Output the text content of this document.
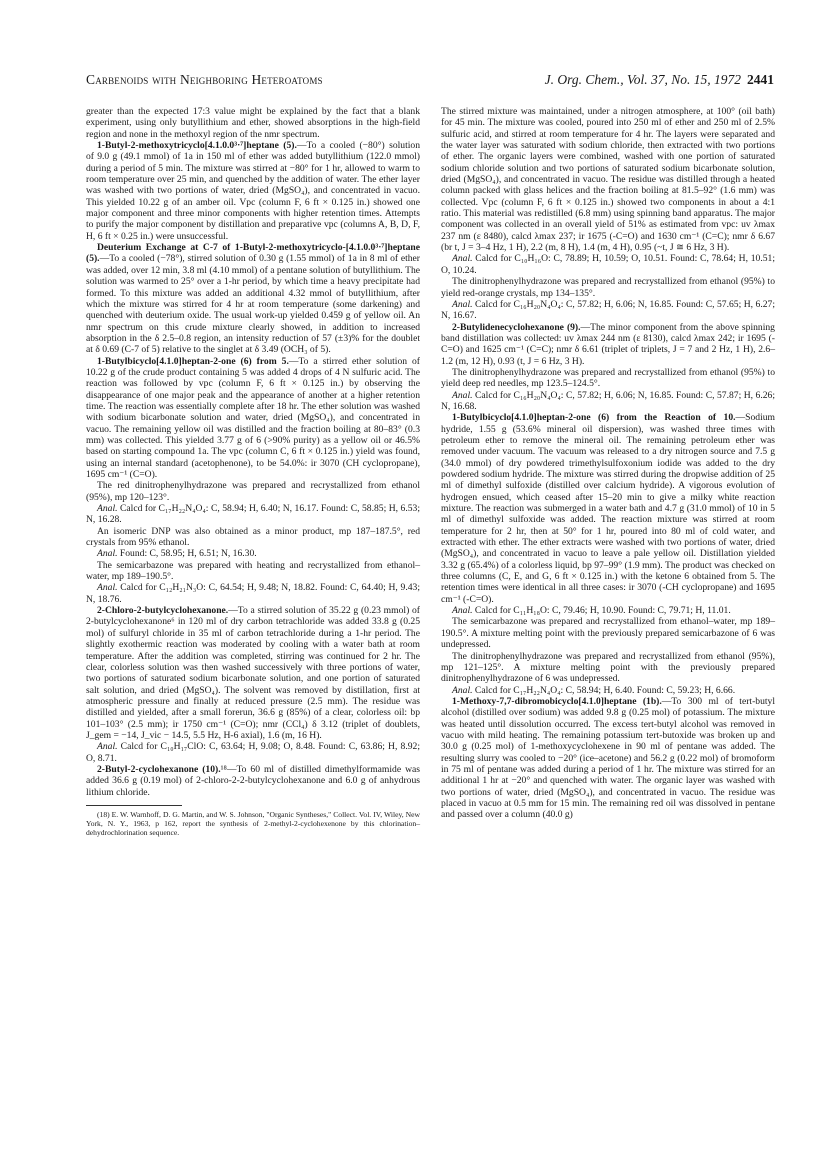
Carbenoids with Neighboring Heteroatoms	J. Org. Chem., Vol. 37, No. 15, 1972 2441

greater than the expected 17:3 value might be explained by the fact that a blank experiment, using only butyllithium and ether, showed absorptions in the high-field region and none in the methoxyl region of the nmr spectrum.

1-Butyl-2-methoxytricyclo[4.1.0.0³·⁷]heptane (5).—To a cooled (−80°) solution of 9.0 g (49.1 mmol) of 1a in 150 ml of ether was added butyllithium (122.0 mmol) during a period of 5 min. The mixture was stirred at −80° for 1 hr, allowed to warm to room temperature over 25 min, and quenched by the addition of water. The ether layer was washed with two portions of water, dried (MgSO₄), and concentrated in vacuo. This yielded 10.22 g of an amber oil. Vpc (column F, 6 ft × 0.125 in.) showed one major component and three minor components with higher retention times. Attempts to purify the major component by distillation and preparative vpc (columns A, B, D, F, H, 6 ft × 0.25 in.) were unsuccessful.

Deuterium Exchange at C-7 of 1-Butyl-2-methoxytricyclo-[4.1.0.0³·⁷]heptane (5).—To a cooled (−78°), stirred solution of 0.30 g (1.55 mmol) of 1a in 8 ml of ether was added, over 12 min, 3.8 ml (4.10 mmol) of a pentane solution of butyllithium. The solution was warmed to 25° over a 1-hr period, by which time a heavy precipitate had formed. To this mixture was added an additional 4.32 mmol of butyllithium, after which the mixture was stirred for 4 hr at room temperature (some darkening) and quenched with deuterium oxide. The usual work-up yielded 0.459 g of yellow oil. An nmr spectrum on this crude mixture clearly showed, in addition to increased absorption in the δ 2.5–0.8 region, an intensity reduction of 57 (±3)% for the doublet at δ 0.69 (C-7 of 5) relative to the singlet at δ 3.49 (OCH₃ of 5).

1-Butylbicyclo[4.1.0]heptan-2-one (6) from 5.—To a stirred ether solution of 10.22 g of the crude product containing 5 was added 4 drops of 4 N sulfuric acid. The reaction was followed by vpc (column F, 6 ft × 0.125 in.) by observing the disappearance of one major peak and the appearance of another at a higher retention time. The reaction was essentially complete after 18 hr. The ether solution was washed with sodium bicarbonate solution and water, dried (MgSO₄), and concentrated in vacuo. The remaining yellow oil was distilled and the fraction boiling at 80–83° (0.3 mm) was collected. This yielded 3.77 g of 6 (>90% purity) as a yellow oil or 46.5% based on starting compound 1a. The vpc (column C, 6 ft × 0.125 in.) yield was found, using an internal standard (acetophenone), to be 54.0%: ir 3070 (CH cyclopropane), 1695 cm⁻¹ (C=O).

The red dinitrophenylhydrazone was prepared and recrystallized from ethanol (95%), mp 120–123°.

Anal. Calcd for C₁₇H₂₂N₄O₄: C, 58.94; H, 6.40; N, 16.17. Found: C, 58.85; H, 6.53; N, 16.28.

An isomeric DNP was also obtained as a minor product, mp 187–187.5°, red crystals from 95% ethanol.

Anal. Found: C, 58.95; H, 6.51; N, 16.30.

The semicarbazone was prepared with heating and recrystallized from ethanol–water, mp 189–190.5°.

Anal. Calcd for C₁₂H₂₁N₃O: C, 64.54; H, 9.48; N, 18.82. Found: C, 64.40; H, 9.43; N, 18.76.

2-Chloro-2-butylcyclohexanone.—To a stirred solution of 35.22 g (0.23 mmol) of 2-butylcyclohexanone⁶ in 120 ml of dry carbon tetrachloride was added 33.8 g (0.25 mol) of sulfuryl chloride in 35 ml of carbon tetrachloride during a 1-hr period. The slightly exothermic reaction was moderated by cooling with a water bath at room temperature. After the addition was completed, stirring was continued for 2 hr. The clear, colorless solution was then washed successively with three portions of water, two portions of saturated sodium bicarbonate solution, and one portion of saturated salt solution, and dried (MgSO₄). The solvent was removed by distillation, first at atmospheric pressure and finally at reduced pressure (2.5 mm). The residue was distilled and yielded, after a small forerun, 36.6 g (85%) of a clear, colorless oil: bp 101–103° (2.5 mm); ir 1750 cm⁻¹ (C=O); nmr (CCl₄) δ 3.12 (triplet of doublets, J_gem = −14, J_vic − 14.5, 5.5 Hz, H-6 axial), 1.6 (m, 16 H).

Anal. Calcd for C₁₀H₁₇ClO: C, 63.64; H, 9.08; O, 8.48. Found: C, 63.86; H, 8.92; O, 8.71.

2-Butyl-2-cyclohexanone (10).¹⁸—To 60 ml of distilled dimethylformamide was added 36.6 g (0.19 mol) of 2-chloro-2-2-butylcyclohexanone and 6.0 g of anhydrous lithium chloride.

(18) E. W. Warnhoff, D. G. Martin, and W. S. Johnson, "Organic Syntheses," Collect. Vol. IV, Wiley, New York, N. Y., 1963, p 162, report the synthesis of 2-methyl-2-cyclohexenone by this chlorination–dehydrochlorination sequence.

The stirred mixture was maintained, under a nitrogen atmosphere, at 100° (oil bath) for 45 min. The mixture was cooled, poured into 250 ml of ether and 250 ml of 2.5% sulfuric acid, and stirred at room temperature for 4 hr. The layers were separated and the water layer was saturated with sodium chloride, then extracted with two portions of ether. The organic layers were combined, washed with one portion of saturated sodium chloride solution and two portions of saturated sodium bicarbonate solution, dried (MgSO₄), and concentrated in vacuo. The residue was distilled through a heated column packed with glass helices and the fraction boiling at 81.5–92° (1.6 mm) was collected. Vpc (column F, 6 ft × 0.125 in.) showed two components in about a 4:1 ratio. This material was redistilled (6.8 mm) using spinning band apparatus. The major component was collected in an overall yield of 51% as estimated from vpc: uv λmax 237 nm (ε 8480), calcd λmax 237; ir 1675 (-C=O) and 1630 cm⁻¹ (C=C); nmr δ 6.67 (br t, J = 3–4 Hz, 1 H), 2.2 (m, 8 H), 1.4 (m, 4 H), 0.95 (~t, J ≅ 6 Hz, 3 H).

Anal. Calcd for C₁₀H₁₆O: C, 78.89; H, 10.59; O, 10.51. Found: C, 78.64; H, 10.51; O, 10.24.

The dinitrophenylhydrazone was prepared and recrystallized from ethanol (95%) to yield red-orange crystals, mp 134–135°.

Anal. Calcd for C₁₆H₂₀N₄O₄: C, 57.82; H, 6.06; N, 16.85. Found: C, 57.65; H, 6.27; N, 16.67.

2-Butylidenecyclohexanone (9).—The minor component from the above spinning band distillation was collected: uv λmax 244 nm (ε 8130), calcd λmax 242; ir 1695 (-C=O) and 1625 cm⁻¹ (C=C); nmr δ 6.61 (triplet of triplets, J = 7 and 2 Hz, 1 H), 2.6–1.2 (m, 12 H), 0.93 (t, J = 6 Hz, 3 H).

The dinitrophenylhydrazone was prepared and recrystallized from ethanol (95%) to yield deep red needles, mp 123.5–124.5°.

Anal. Calcd for C₁₆H₂₀N₄O₄: C, 57.82; H, 6.06; N, 16.85. Found: C, 57.87; H, 6.26; N, 16.68.

1-Butylbicyclo[4.1.0]heptan-2-one (6) from the Reaction of 10.—Sodium hydride, 1.55 g (53.6% mineral oil dispersion), was washed three times with petroleum ether to remove the mineral oil. The remaining petroleum ether was removed under vacuum. The vacuum was released to a dry nitrogen source and 7.5 g (34.0 mmol) of dry powdered trimethylsulfoxonium iodide was added to the dry powdered sodium hydride. The mixture was stirred during the dropwise addition of 25 ml of dimethyl sulfoxide (distilled over calcium hydride). A vigorous evolution of hydrogen ensued, which ceased after 15–20 min to give a milky white reaction mixture. The reaction was submerged in a water bath and 4.7 g (31.0 mmol) of 10 in 5 ml of dimethyl sulfoxide was added. The reaction mixture was stirred at room temperature for 2 hr, then at 50° for 1 hr, poured into 80 ml of cold water, and extracted with ether. The ether extracts were washed with two portions of water, dried (MgSO₄), and concentrated in vacuo to leave a pale yellow oil. Distillation yielded 3.32 g (65.4%) of a colorless liquid, bp 97–99° (1.9 mm). The product was checked on three columns (C, E, and G, 6 ft × 0.125 in.) with the ketone 6 obtained from 5. The retention times were identical in all three cases: ir 3070 (-CH cyclopropane) and 1695 cm⁻¹ (-C=O).

Anal. Calcd for C₁₁H₁₈O: C, 79.46; H, 10.90. Found: C, 79.71; H, 11.01.

The semicarbazone was prepared and recrystallized from ethanol–water, mp 189–190.5°. A mixture melting point with the previously prepared semicarbazone of 6 was undepressed.

The dinitrophenylhydrazone was prepared and recrystallized from ethanol (95%), mp 121–125°. A mixture melting point with the previously prepared dinitrophenylhydrazone of 6 was undepressed.

Anal. Calcd for C₁₇H₂₂N₄O₄: C, 58.94; H, 6.40. Found: C, 59.23; H, 6.66.

1-Methoxy-7,7-dibromobicyclo[4.1.0]heptane (1b).—To 300 ml of tert-butyl alcohol (distilled over sodium) was added 9.8 g (0.25 mol) of potassium. The mixture was heated until dissolution occurred. The excess tert-butyl alcohol was removed in vacuo with mild heating. The remaining potassium tert-butoxide was broken up and 30.0 g (0.25 mol) of 1-methoxycyclohexene in 90 ml of pentane was added. The resulting slurry was cooled to −20° (ice–acetone) and 56.2 g (0.22 mol) of bromoform in 75 ml of pentane was added during a period of 1 hr. The mixture was stirred for an additional 1 hr at −20° and quenched with water. The organic layer was washed with two portions of water, dried (MgSO₄), and concentrated in vacuo. The residue was placed in vacuo at 0.5 mm for 15 min. The remaining red oil was dissolved in pentane and passed over a column (40.0 g)
